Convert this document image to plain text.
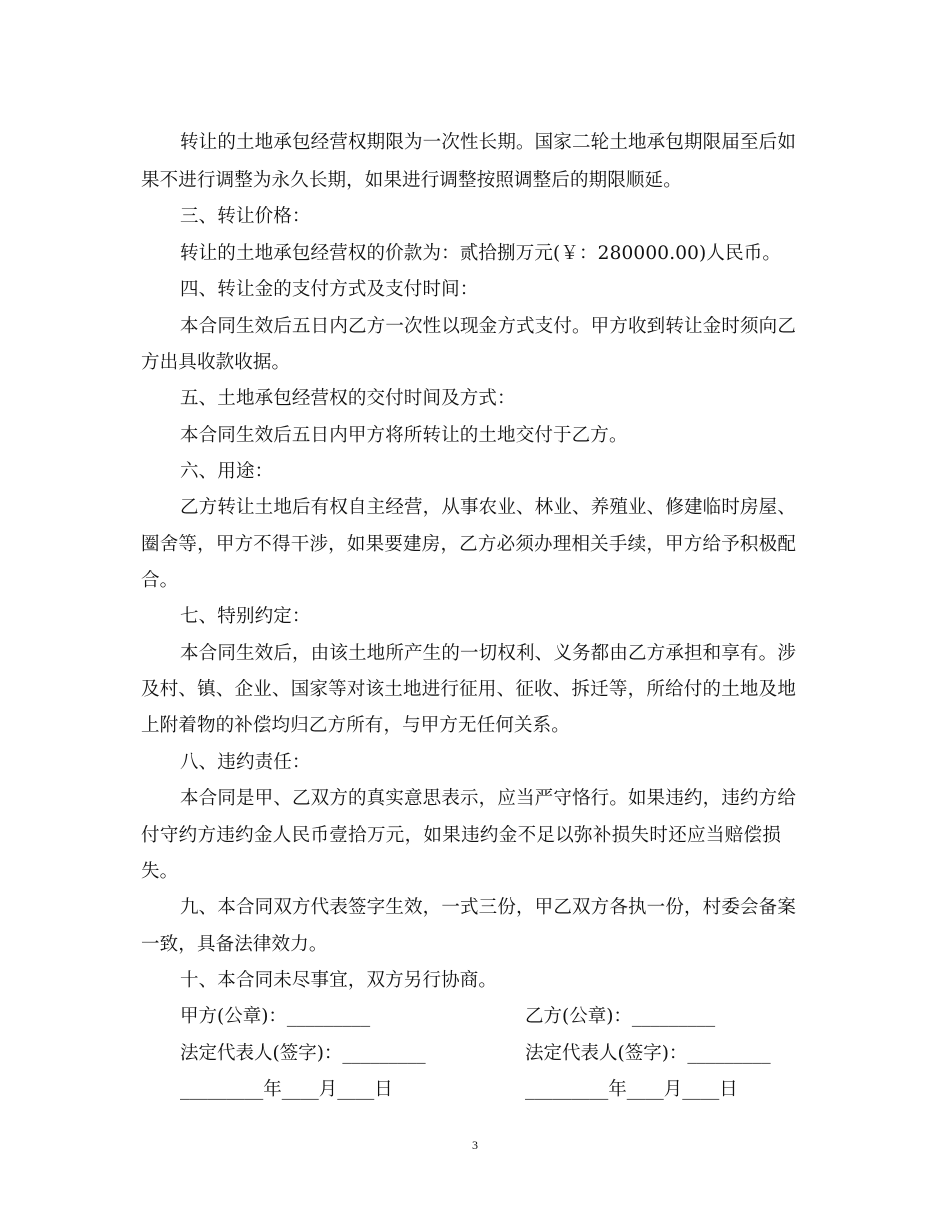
转让的土地承包经营权期限为一次性长期。国家二轮土地承包期限届至后如
果不进行调整为永久长期，如果进行调整按照调整后的期限顺延。
三、转让价格：
转让的土地承包经营权的价款为：贰拾捌万元(￥：280000.00)人民币。
四、转让金的支付方式及支付时间：
本合同生效后五日内乙方一次性以现金方式支付。甲方收到转让金时须向乙
方出具收款收据。
五、土地承包经营权的交付时间及方式：
本合同生效后五日内甲方将所转让的土地交付于乙方。
六、用途：
乙方转让土地后有权自主经营，从事农业、林业、养殖业、修建临时房屋、
圈舍等，甲方不得干涉，如果要建房，乙方必须办理相关手续，甲方给予积极配
合。
七、特别约定：
本合同生效后，由该土地所产生的一切权利、义务都由乙方承担和享有。涉
及村、镇、企业、国家等对该土地进行征用、征收、拆迁等，所给付的土地及地
上附着物的补偿均归乙方所有，与甲方无任何关系。
八、违约责任：
本合同是甲、乙双方的真实意思表示，应当严守恪行。如果违约，违约方给
付守约方违约金人民币壹拾万元，如果违约金不足以弥补损失时还应当赔偿损
失。
九、本合同双方代表签字生效，一式三份，甲乙双方各执一份，村委会备案
一致，具备法律效力。
十、本合同未尽事宜，双方另行协商。
甲方(公章)：_________	乙方(公章)：_________
法定代表人(签字)：_________	法定代表人(签字)：_________
_________年____月____日	_________年____月____日
3
